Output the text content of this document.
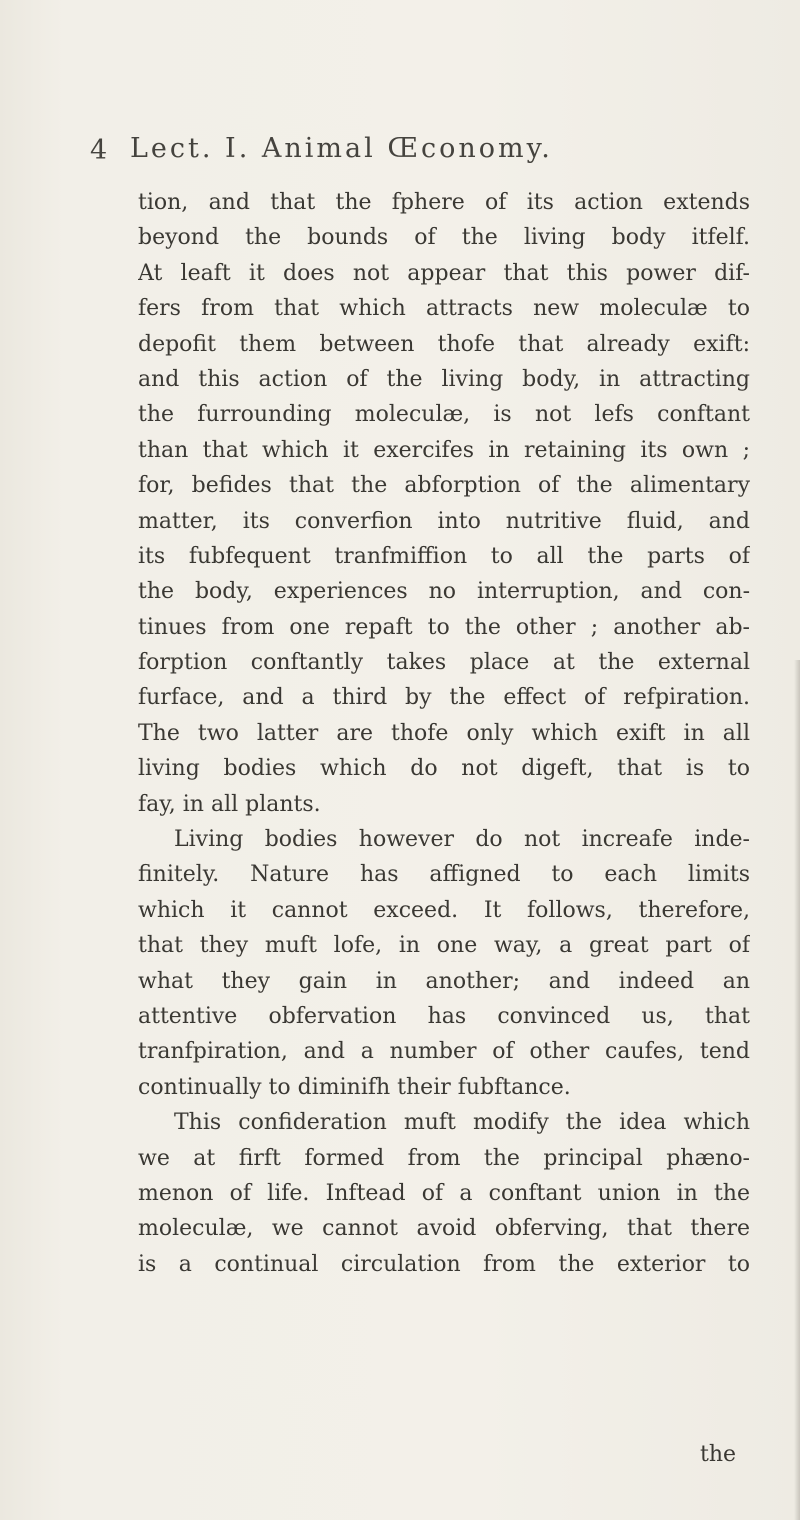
4 Lect. I. Animal Œconomy.
tion, and that the fphere of its action extends
beyond the bounds of the living body itfelf.
At leaft it does not appear that this power dif-
fers from that which attracts new moleculæ to
depofit them between thofe that already exift:
and this action of the living body, in attracting
the furrounding moleculæ, is not lefs conftant
than that which it exercifes in retaining its own ;
for, befides that the abforption of the alimentary
matter, its converfion into nutritive fluid, and
its fubfequent tranfmiffion to all the parts of
the body, experiences no interruption, and con-
tinues from one repaft to the other ; another ab-
forption conftantly takes place at the external
furface, and a third by the effect of refpiration.
The two latter are thofe only which exift in all
living bodies which do not digeft, that is to
fay, in all plants.
Living bodies however do not increafe inde-
finitely. Nature has affigned to each limits
which it cannot exceed. It follows, therefore,
that they muft lofe, in one way, a great part of
what they gain in another; and indeed an
attentive obfervation has convinced us, that
tranfpiration, and a number of other caufes, tend
continually to diminifh their fubftance.
This confideration muft modify the idea which
we at firft formed from the principal phæno-
menon of life. Inftead of a conftant union in the
moleculæ, we cannot avoid obferving, that there
is a continual circulation from the exterior to
the
